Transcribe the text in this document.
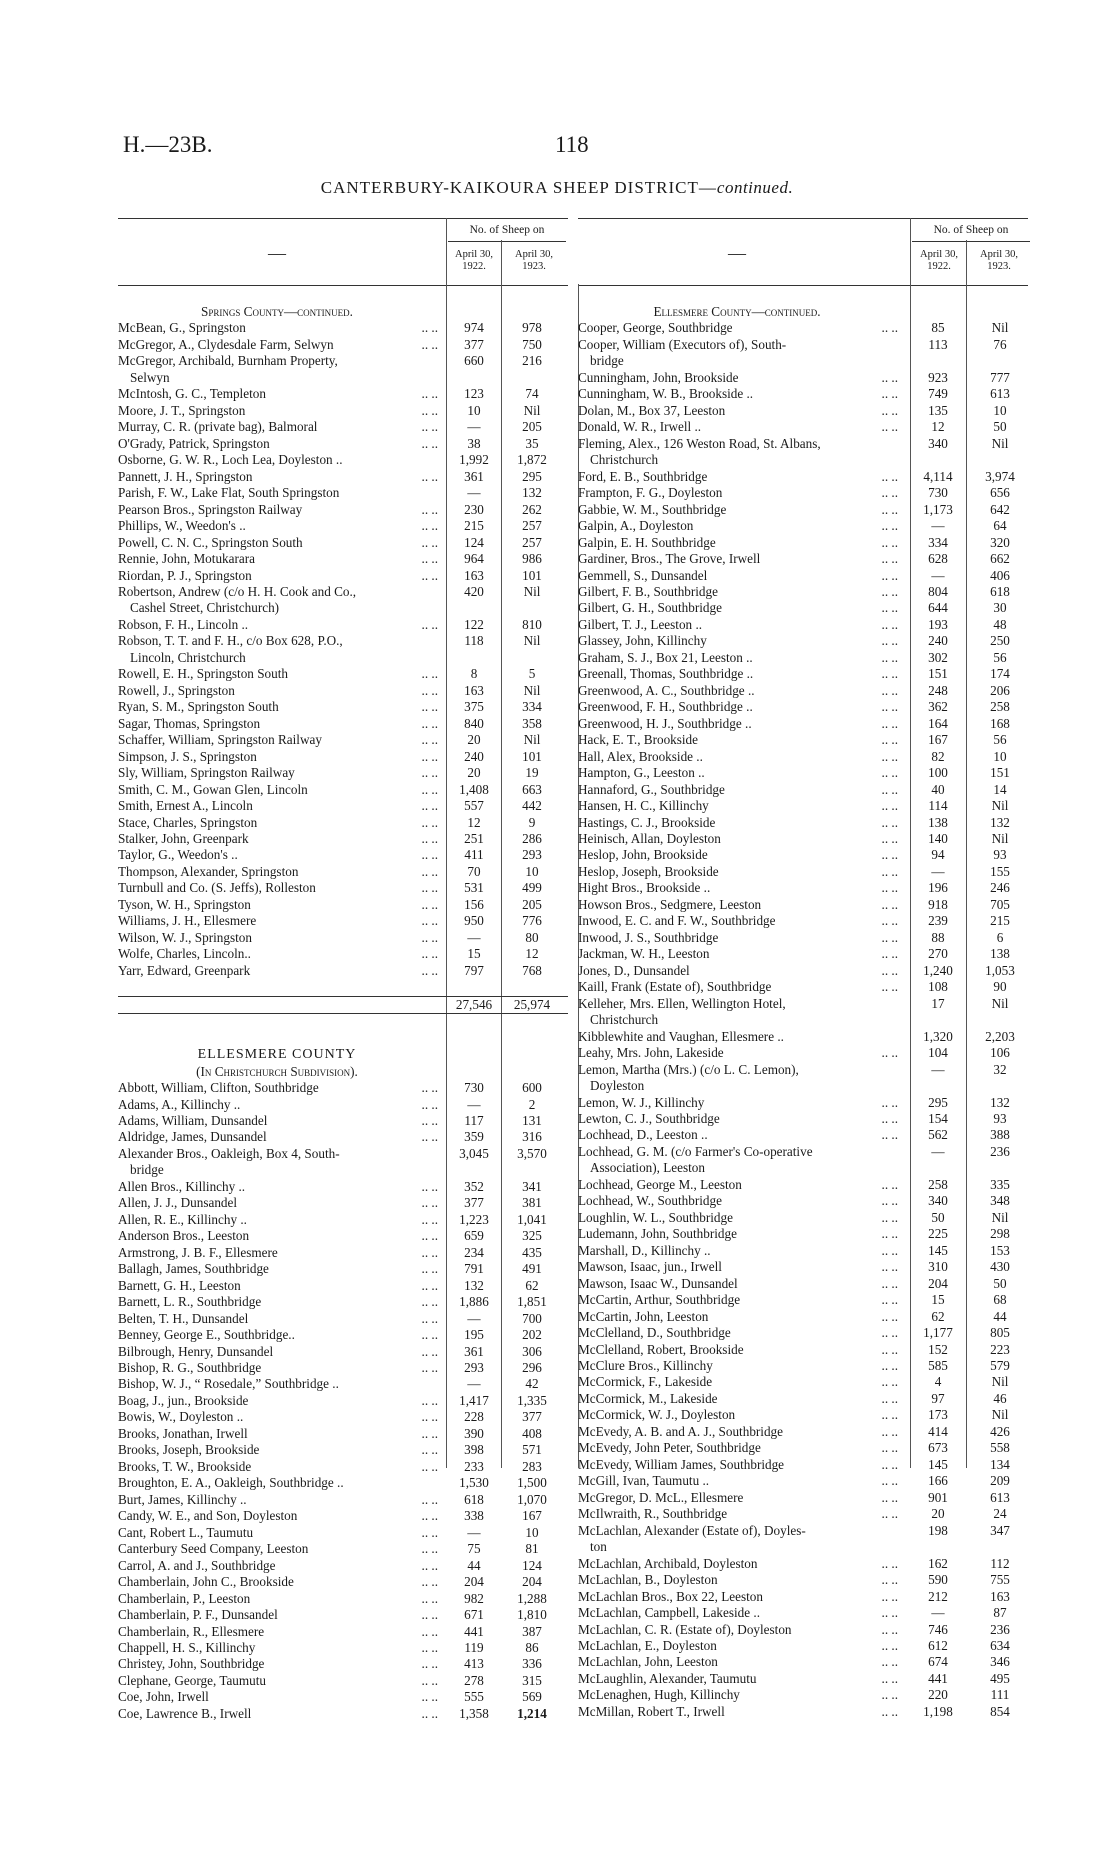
H.—23B.	118
CANTERBURY-KAIKOURA SHEEP DISTRICT—continued.
—
No. of Sheep on
April 30, 1922.
April 30, 1923.
Springs County—continued.
McBean, G., Springston	.. ..	974	978
McGregor, A., Clydesdale Farm, Selwyn	.. ..	377	750
McGregor, Archibald, Burnham Property,	660	216
Selwyn
McIntosh, G. C., Templeton	.. ..	123	74
Moore, J. T., Springston	.. ..	10	Nil
Murray, C. R. (private bag), Balmoral	.. ..	—	205
O'Grady, Patrick, Springston	.. ..	38	35
Osborne, G. W. R., Loch Lea, Doyleston ..	1,992	1,872
Pannett, J. H., Springston	.. ..	361	295
Parish, F. W., Lake Flat, South Springston	—	132
Pearson Bros., Springston Railway	.. ..	230	262
Phillips, W., Weedon's ..	.. ..	215	257
Powell, C. N. C., Springston South	.. ..	124	257
Rennie, John, Motukarara	.. ..	964	986
Riordan, P. J., Springston	.. ..	163	101
Robertson, Andrew (c/o H. H. Cook and Co.,	420	Nil
Cashel Street, Christchurch)
Robson, F. H., Lincoln ..	.. ..	122	810
Robson, T. T. and F. H., c/o Box 628, P.O.,	118	Nil
Lincoln, Christchurch
Rowell, E. H., Springston South	.. ..	8	5
Rowell, J., Springston	.. ..	163	Nil
Ryan, S. M., Springston South	.. ..	375	334
Sagar, Thomas, Springston	.. ..	840	358
Schaffer, William, Springston Railway	.. ..	20	Nil
Simpson, J. S., Springston	.. ..	240	101
Sly, William, Springston Railway	.. ..	20	19
Smith, C. M., Gowan Glen, Lincoln	.. ..	1,408	663
Smith, Ernest A., Lincoln	.. ..	557	442
Stace, Charles, Springston	.. ..	12	9
Stalker, John, Greenpark	.. ..	251	286
Taylor, G., Weedon's ..	.. ..	411	293
Thompson, Alexander, Springston	.. ..	70	10
Turnbull and Co. (S. Jeffs), Rolleston	.. ..	531	499
Tyson, W. H., Springston	.. ..	156	205
Williams, J. H., Ellesmere	.. ..	950	776
Wilson, W. J., Springston	.. ..	—	80
Wolfe, Charles, Lincoln..	.. ..	15	12
Yarr, Edward, Greenpark	.. ..	797	768
27,546	25,974
ELLESMERE COUNTY
(In Christchurch Subdivision).
Abbott, William, Clifton, Southbridge	.. ..	730	600
Adams, A., Killinchy ..	.. ..	—	2
Adams, William, Dunsandel	.. ..	117	131
Aldridge, James, Dunsandel	.. ..	359	316
Alexander Bros., Oakleigh, Box 4, South-	3,045	3,570
bridge
Allen Bros., Killinchy ..	.. ..	352	341
Allen, J. J., Dunsandel	.. ..	377	381
Allen, R. E., Killinchy ..	.. ..	1,223	1,041
Anderson Bros., Leeston	.. ..	659	325
Armstrong, J. B. F., Ellesmere	.. ..	234	435
Ballagh, James, Southbridge	.. ..	791	491
Barnett, G. H., Leeston	.. ..	132	62
Barnett, L. R., Southbridge	.. ..	1,886	1,851
Belten, T. H., Dunsandel	.. ..	—	700
Benney, George E., Southbridge..	.. ..	195	202
Bilbrough, Henry, Dunsandel	.. ..	361	306
Bishop, R. G., Southbridge	.. ..	293	296
Bishop, W. J., “ Rosedale,” Southbridge ..	—	42
Boag, J., jun., Brookside	.. ..	1,417	1,335
Bowis, W., Doyleston ..	.. ..	228	377
Brooks, Jonathan, Irwell	.. ..	390	408
Brooks, Joseph, Brookside	.. ..	398	571
Brooks, T. W., Brookside	.. ..	233	283
Broughton, E. A., Oakleigh, Southbridge ..	1,530	1,500
Burt, James, Killinchy ..	.. ..	618	1,070
Candy, W. E., and Son, Doyleston	.. ..	338	167
Cant, Robert L., Taumutu	.. ..	—	10
Canterbury Seed Company, Leeston	.. ..	75	81
Carrol, A. and J., Southbridge	.. ..	44	124
Chamberlain, John C., Brookside	.. ..	204	204
Chamberlain, P., Leeston	.. ..	982	1,288
Chamberlain, P. F., Dunsandel	.. ..	671	1,810
Chamberlain, R., Ellesmere	.. ..	441	387
Chappell, H. S., Killinchy	.. ..	119	86
Christey, John, Southbridge	.. ..	413	336
Clephane, George, Taumutu	.. ..	278	315
Coe, John, Irwell	.. ..	555	569
Coe, Lawrence B., Irwell	.. ..	1,358	1,214
—
No. of Sheep on
April 30, 1922.
April 30, 1923.
Ellesmere County—continued.
Cooper, George, Southbridge	.. ..	85	Nil
Cooper, William (Executors of), South-	113	76
bridge
Cunningham, John, Brookside	.. ..	923	777
Cunningham, W. B., Brookside ..	.. ..	749	613
Dolan, M., Box 37, Leeston	.. ..	135	10
Donald, W. R., Irwell ..	.. ..	12	50
Fleming, Alex., 126 Weston Road, St. Albans,	340	Nil
Christchurch
Ford, E. B., Southbridge	.. ..	4,114	3,974
Frampton, F. G., Doyleston	.. ..	730	656
Gabbie, W. M., Southbridge	.. ..	1,173	642
Galpin, A., Doyleston	.. ..	—	64
Galpin, E. H. Southbridge	.. ..	334	320
Gardiner, Bros., The Grove, Irwell	.. ..	628	662
Gemmell, S., Dunsandel	.. ..	—	406
Gilbert, F. B., Southbridge	.. ..	804	618
Gilbert, G. H., Southbridge	.. ..	644	30
Gilbert, T. J., Leeston ..	.. ..	193	48
Glassey, John, Killinchy	.. ..	240	250
Graham, S. J., Box 21, Leeston ..	.. ..	302	56
Greenall, Thomas, Southbridge ..	.. ..	151	174
Greenwood, A. C., Southbridge ..	.. ..	248	206
Greenwood, F. H., Southbridge ..	.. ..	362	258
Greenwood, H. J., Southbridge ..	.. ..	164	168
Hack, E. T., Brookside	.. ..	167	56
Hall, Alex, Brookside ..	.. ..	82	10
Hampton, G., Leeston ..	.. ..	100	151
Hannaford, G., Southbridge	.. ..	40	14
Hansen, H. C., Killinchy	.. ..	114	Nil
Hastings, C. J., Brookside	.. ..	138	132
Heinisch, Allan, Doyleston	.. ..	140	Nil
Heslop, John, Brookside	.. ..	94	93
Heslop, Joseph, Brookside	.. ..	—	155
Hight Bros., Brookside ..	.. ..	196	246
Howson Bros., Sedgmere, Leeston	.. ..	918	705
Inwood, E. C. and F. W., Southbridge	.. ..	239	215
Inwood, J. S., Southbridge	.. ..	88	6
Jackman, W. H., Leeston	.. ..	270	138
Jones, D., Dunsandel	.. ..	1,240	1,053
Kaill, Frank (Estate of), Southbridge	.. ..	108	90
Kelleher, Mrs. Ellen, Wellington Hotel,	17	Nil
Christchurch
Kibblewhite and Vaughan, Ellesmere ..	1,320	2,203
Leahy, Mrs. John, Lakeside	.. ..	104	106
Lemon, Martha (Mrs.) (c/o L. C. Lemon),	—	32
Doyleston
Lemon, W. J., Killinchy	.. ..	295	132
Lewton, C. J., Southbridge	.. ..	154	93
Lochhead, D., Leeston ..	.. ..	562	388
Lochhead, G. M. (c/o Farmer's Co-operative	—	236
Association), Leeston
Lochhead, George M., Leeston	.. ..	258	335
Lochhead, W., Southbridge	.. ..	340	348
Loughlin, W. L., Southbridge	.. ..	50	Nil
Ludemann, John, Southbridge	.. ..	225	298
Marshall, D., Killinchy ..	.. ..	145	153
Mawson, Isaac, jun., Irwell	.. ..	310	430
Mawson, Isaac W., Dunsandel	.. ..	204	50
McCartin, Arthur, Southbridge	.. ..	15	68
McCartin, John, Leeston	.. ..	62	44
McClelland, D., Southbridge	.. ..	1,177	805
McClelland, Robert, Brookside	.. ..	152	223
McClure Bros., Killinchy	.. ..	585	579
McCormick, F., Lakeside	.. ..	4	Nil
McCormick, M., Lakeside	.. ..	97	46
McCormick, W. J., Doyleston	.. ..	173	Nil
McEvedy, A. B. and A. J., Southbridge	.. ..	414	426
McEvedy, John Peter, Southbridge	.. ..	673	558
McEvedy, William James, Southbridge	.. ..	145	134
McGill, Ivan, Taumutu ..	.. ..	166	209
McGregor, D. McL., Ellesmere	.. ..	901	613
McIlwraith, R., Southbridge	.. ..	20	24
McLachlan, Alexander (Estate of), Doyles-	198	347
ton
McLachlan, Archibald, Doyleston	.. ..	162	112
McLachlan, B., Doyleston	.. ..	590	755
McLachlan Bros., Box 22, Leeston	.. ..	212	163
McLachlan, Campbell, Lakeside ..	.. ..	—	87
McLachlan, C. R. (Estate of), Doyleston	.. ..	746	236
McLachlan, E., Doyleston	.. ..	612	634
McLachlan, John, Leeston	.. ..	674	346
McLaughlin, Alexander, Taumutu	.. ..	441	495
McLenaghen, Hugh, Killinchy	.. ..	220	111
McMillan, Robert T., Irwell	.. ..	1,198	854
